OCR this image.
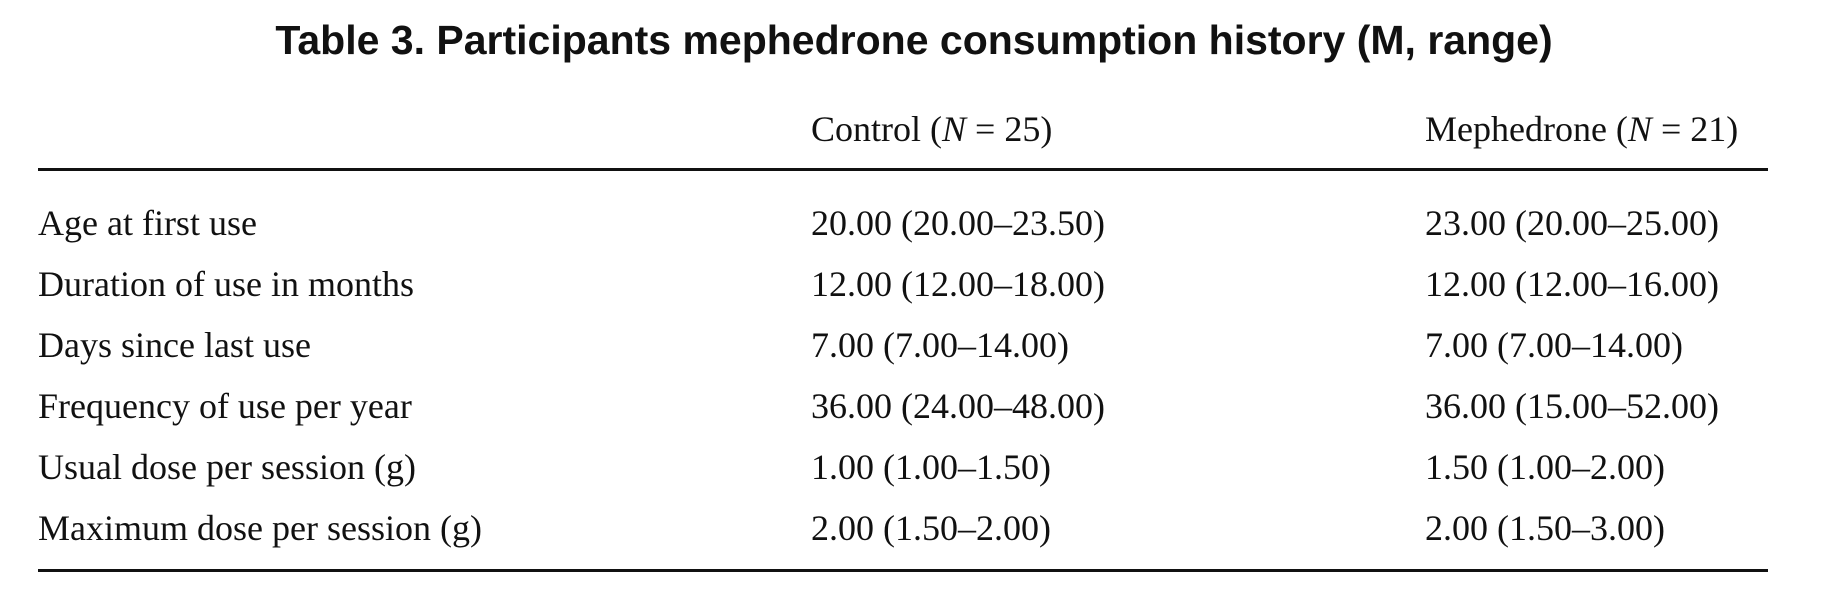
Table 3. Participants mephedrone consumption history (M, range)
	Control (N = 25)	Mephedrone (N = 21)
Age at first use	20.00 (20.00–23.50)	23.00 (20.00–25.00)
Duration of use in months	12.00 (12.00–18.00)	12.00 (12.00–16.00)
Days since last use	7.00 (7.00–14.00)	7.00 (7.00–14.00)
Frequency of use per year	36.00 (24.00–48.00)	36.00 (15.00–52.00)
Usual dose per session (g)	1.00 (1.00–1.50)	1.50 (1.00–2.00)
Maximum dose per session (g)	2.00 (1.50–2.00)	2.00 (1.50–3.00)
